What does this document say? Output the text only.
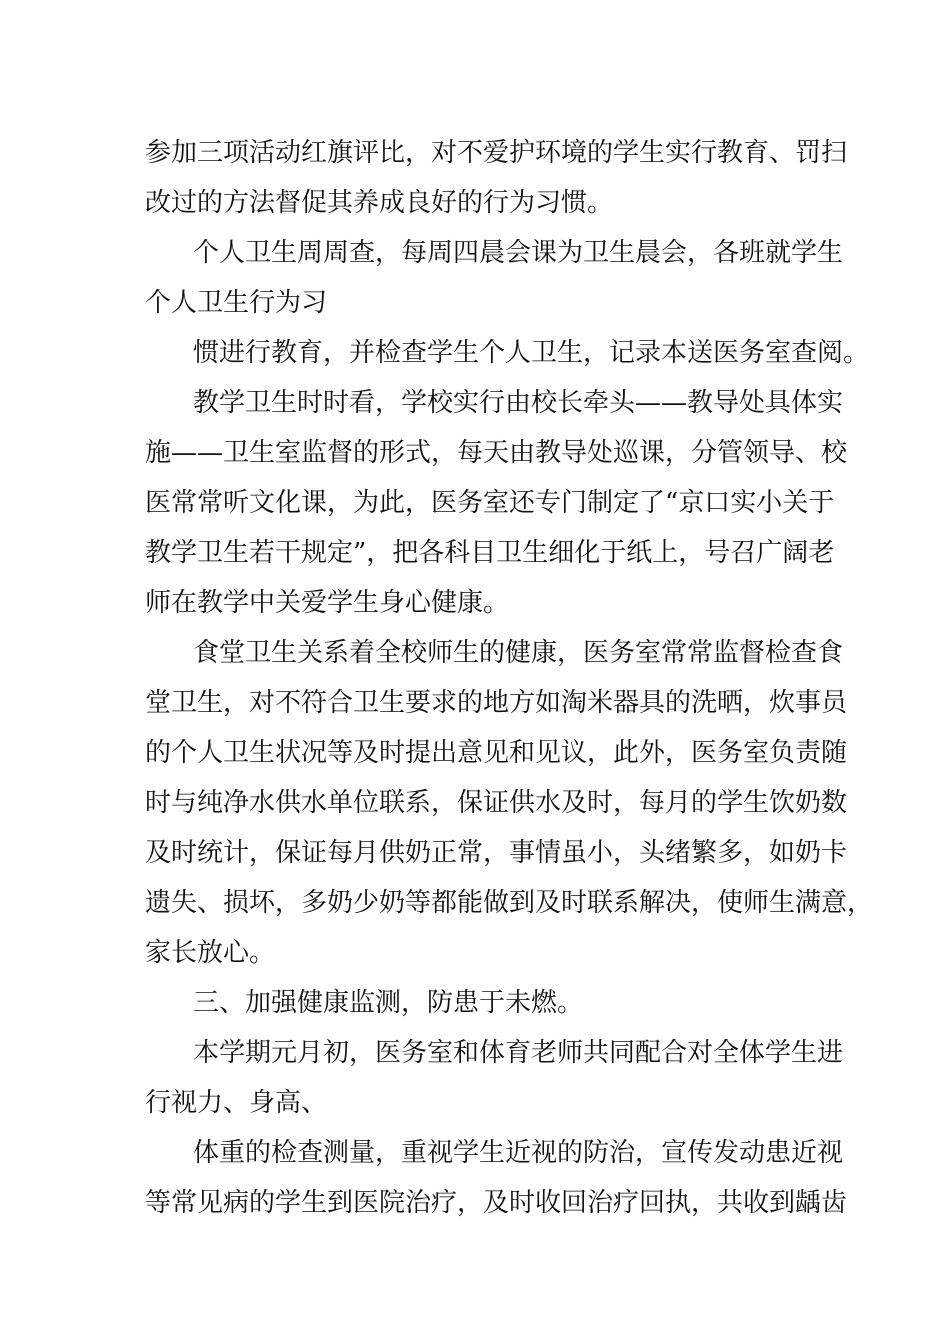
参加三项活动红旗评比，对不爱护环境的学生实行教育、罚扫
改过的方法督促其养成良好的行为习惯。
个人卫生周周查，每周四晨会课为卫生晨会，各班就学生
个人卫生行为习
惯进行教育，并检查学生个人卫生，记录本送医务室查阅。
教学卫生时时看，学校实行由校长牵头——教导处具体实
施——卫生室监督的形式，每天由教导处巡课，分管领导、校
医常常听文化课，为此，医务室还专门制定了“京口实小关于
教学卫生若干规定”，把各科目卫生细化于纸上，号召广阔老
师在教学中关爱学生身心健康。
食堂卫生关系着全校师生的健康，医务室常常监督检查食
堂卫生，对不符合卫生要求的地方如淘米器具的洗晒，炊事员
的个人卫生状况等及时提出意见和见议，此外，医务室负责随
时与纯净水供水单位联系，保证供水及时，每月的学生饮奶数
及时统计，保证每月供奶正常，事情虽小，头绪繁多，如奶卡
遗失、损坏，多奶少奶等都能做到及时联系解决，使师生满意，
家长放心。
三、加强健康监测，防患于未燃。
本学期元月初，医务室和体育老师共同配合对全体学生进
行视力、身高、
体重的检查测量，重视学生近视的防治，宣传发动患近视
等常见病的学生到医院治疗，及时收回治疗回执，共收到龋齿
